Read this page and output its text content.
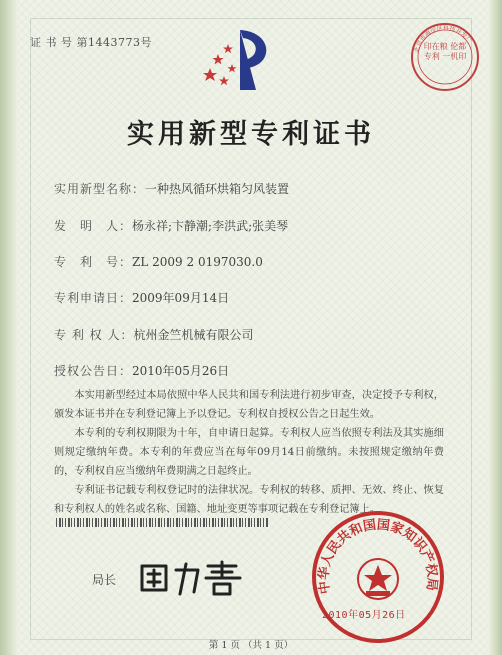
证 书 号 第1443773号
北京市海淀区科技开发厂
印在粮 伦都专利 一机印
实用新型专利证书
实用新型名称：一种热风循环烘箱匀风装置
发　明　人：杨永祥;卞静潮;李洪武;张美琴
专　利　号：ZL 2009 2 0197030.0
专利申请日：2009年09月14日
专 利 权 人：杭州金竺机械有限公司
授权公告日：2010年05月26日

本实用新型经过本局依照中华人民共和国专利法进行初步审查，决定授予专利权，颁发本证书并在专利登记簿上予以登记。专利权自授权公告之日起生效。

本专利的专利权期限为十年，自申请日起算。专利权人应当依照专利法及其实施细则规定缴纳年费。本专利的年费应当在每年09月14日前缴纳。未按照规定缴纳年费的，专利权自应当缴纳年费期满之日起终止。

专利证书记载专利权登记时的法律状况。专利权的转移、质押、无效、终止、恢复和专利权人的姓名或名称、国籍、地址变更等事项记载在专利登记簿上。

局长	中华人民共和国国家知识产权局
2010年05月26日
第 1 页 （共 1 页）
